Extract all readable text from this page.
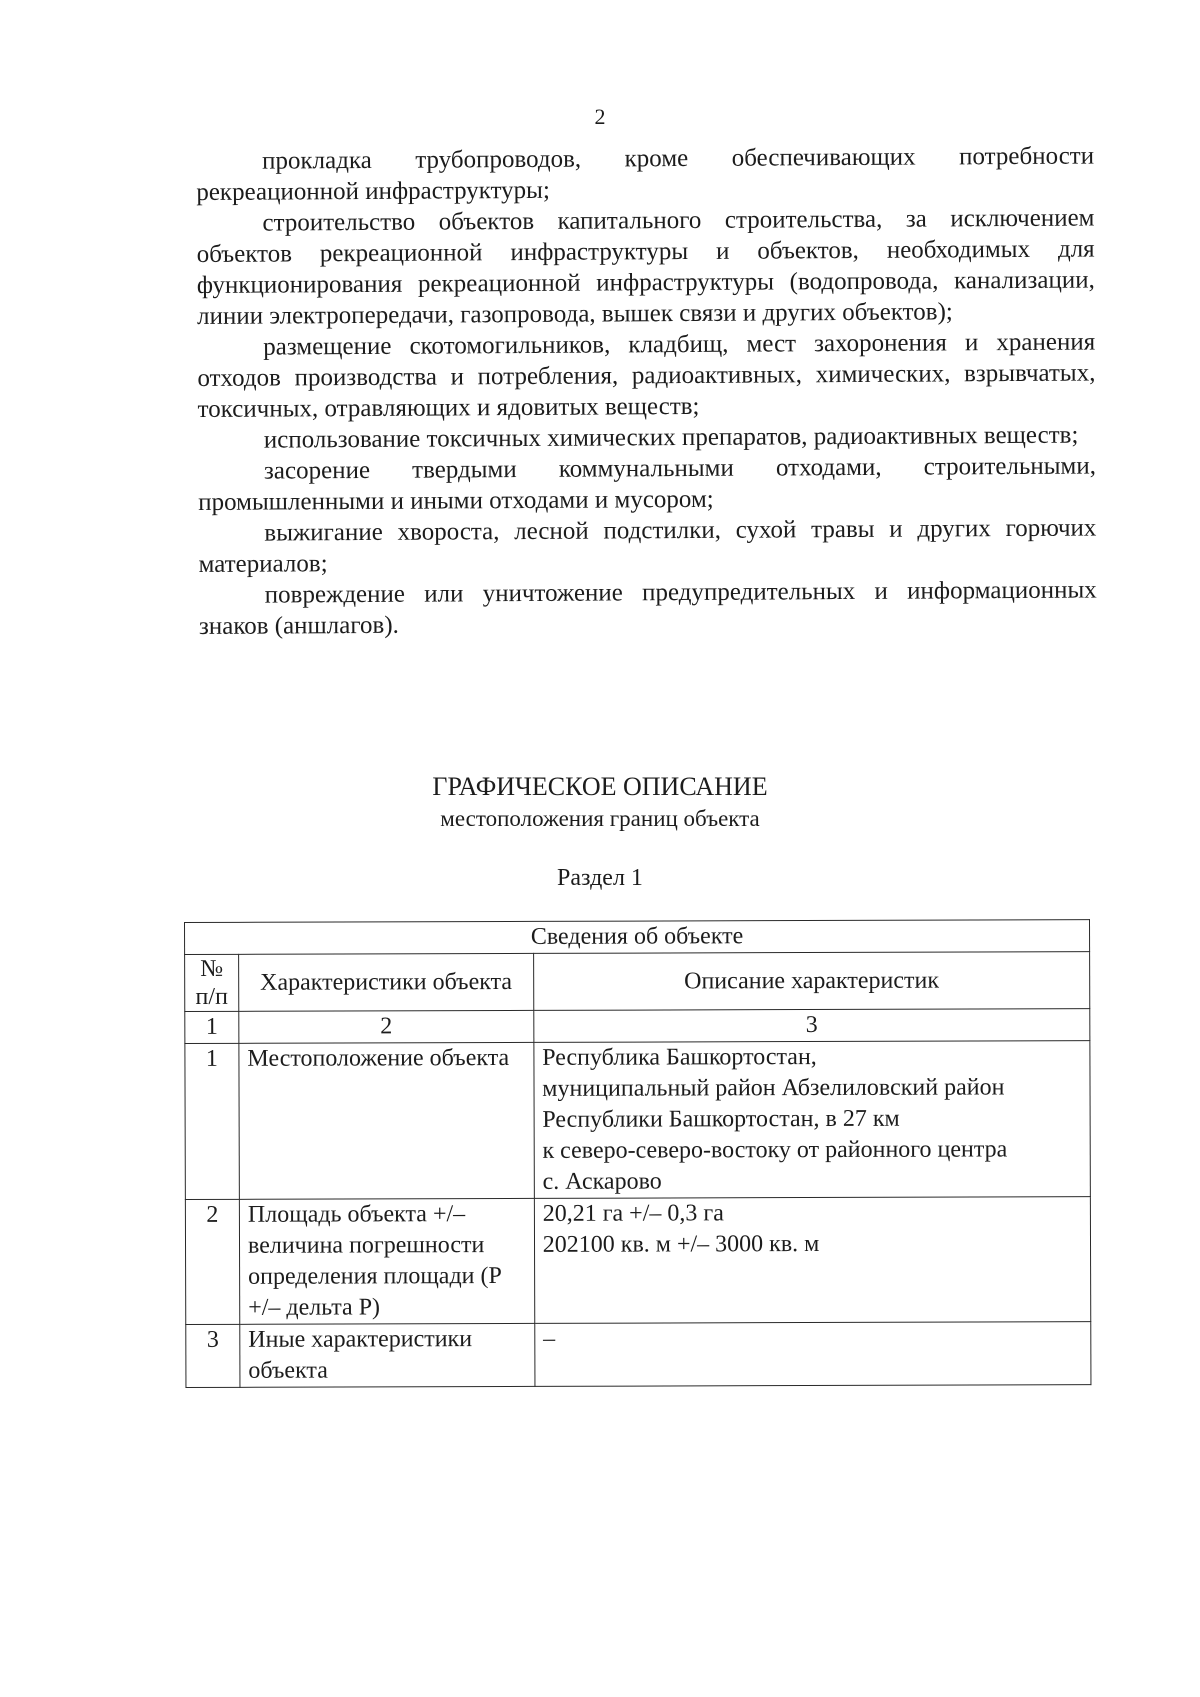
2

прокладка трубопроводов, кроме обеспечивающих потребности рекреационной инфраструктуры;

строительство объектов капитального строительства, за исключением объектов рекреационной инфраструктуры и объектов, необходимых для функционирования рекреационной инфраструктуры (водопровода, канализации, линии электропередачи, газопровода, вышек связи и других объектов);

размещение скотомогильников, кладбищ, мест захоронения и хранения отходов производства и потребления, радиоактивных, химических, взрывчатых, токсичных, отравляющих и ядовитых веществ;

использование токсичных химических препаратов, радиоактивных веществ;

засорение твердыми коммунальными отходами, строительными, промышленными и иными отходами и мусором;

выжигание хвороста, лесной подстилки, сухой травы и других горючих материалов;

повреждение или уничтожение предупредительных и информационных знаков (аншлагов).

ГРАФИЧЕСКОЕ ОПИСАНИЕ
местоположения границ объекта
Раздел 1
Сведения об объекте		
№ п/п	Характеристики объекта	Описание характеристик
1	2	3
1	Местоположение объекта	Республика Башкортостан,
муниципальный район Абзелиловский район
Республики Башкортостан, в 27 км
к северо-северо-востоку от районного центра
с. Аскарово

2	Площадь объекта +/– величина погрешности определения площади (P +/– дельта P)	20,21 га +/– 0,3 га
202100 кв. м +/– 3000 кв. м

3	Иные характеристики объекта	–
